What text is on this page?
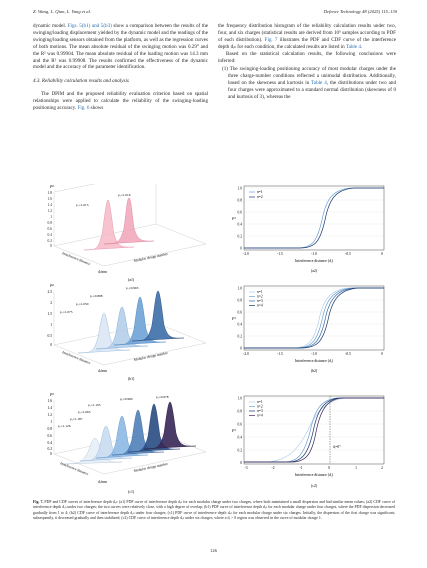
Z. Wang, L. Qian, L. Yang et al.	Defence Technology 48 (2025) 115–130

dynamic model. Figs. 5(b1) and 5(b3) show a comparison between the results of the swinging/loading displacement yielded by the dynamic model and the readings of the swinging/loading sensors obtained from the platform, as well as the regression curves of both motions. The mean absolute residual of the swinging motion was 0.29° and the R² was 0.99904. The mean absolute residual of the loading motion was 14.3 mm and the R² was 0.99908. The results confirmed the effectiveness of the dynamic model and the accuracy of the parameter identification.

4.3. Reliability calculation results and analysis

The DPIM and the proposed reliability evaluation criterion based on spatial relationships were applied to calculate the reliability of the swinging-loading positioning accuracy. Fig. 6 shows

the frequency distribution histogram of the reliability calculation results under two, four, and six charges (statistical results are derived from 10⁶ samples according to PDF of each distribution). Fig. 7 illustrates the PDF and CDF curve of the interference depth dᵢₙ for each condition, the calculated results are listed in Table 4.

Based on the statistical calculation results, the following conclusions were inferred:

(1) The swinging-loading positioning accuracy of most modular charges under the three charge-number conditions reflected a unimodal distribution. Additionally, based on the skewness and kurtosis in Table 4, the distributions under two and four charges were approximated to a standard normal distribution (skewness of 0 and kurtosis of 3), whereas the

1.8
1.6
1.4
1.2
1
0.8
0.6
0.4
0.2
0
Pᵈ
p₂=1.016
p₁=1.013
Modular charge number
Interference distance
dᵢ/mm
(a1)
n=1
n=2
1.0
0.8
0.6
0.4
0.2
0
-2.0	-1.5	-1.0	-0.5	0
Fᵈ
Interference distance (dᵢ)
(a2)
2.5
2
1.5
1
0.5
0
Pᵈ	p₄=0.963
p₃=0.898
p₂=1.050
p₁=1.075
Modular charge number
Interference distance
dᵢ/mm
(b1)
n=1
n=2
n=3
n=4
1.0
0.8
0.6
0.4
0.2
0
-2.0	-1.5	-1.0	-0.5	0
Fᵈ
Interference distance (dᵢ)
(b2)
1.6
1.4
1.2
1
0.8
0.6
0.4
0.2
0
Pᵈ	p₆=0.978
p₅=0.969
p₄=1.105
p₃=1.063
p₂=1.187
p₁=1.126
Modular charge number
Interference distance
dᵢ/mm
(c1)
n=1
n=2
n=3
n=4
dᵢ=0°
1.0
0.8
0.6
0.4
0.2
0
-3	-2	-1	0	1	2
Fᵈ
Interference distance (dᵢ)
(c2)
Fig. 7. PDF and CDF curves of interference depth dᵢₙ: (a1) PDF curve of interference depth dᵢₙ for each modular charge under two charges, where both maintained a small dispersion and had similar mean values; (a2) CDF curve of interference depth dᵢₙ under two charges; the two curves were relatively close, with a high degree of overlap; (b1) PDF curve of interference depth dᵢₙ for each modular charge under four charges, where the PDF dispersion decreased gradually from 1 to 4; (b2) CDF curve of interference depth dᵢₙ under four charges; (c1) PDF curve of interference depth dᵢₙ for each modular charge under six charges. Initially, the dispersion of the first charge was significant; subsequently, it decreased gradually and then stabilized; (c2) CDF curve of interference depth dᵢₙ under six charges, where a dᵢ > 0 region was observed in the curve of modular charge 1.
126
